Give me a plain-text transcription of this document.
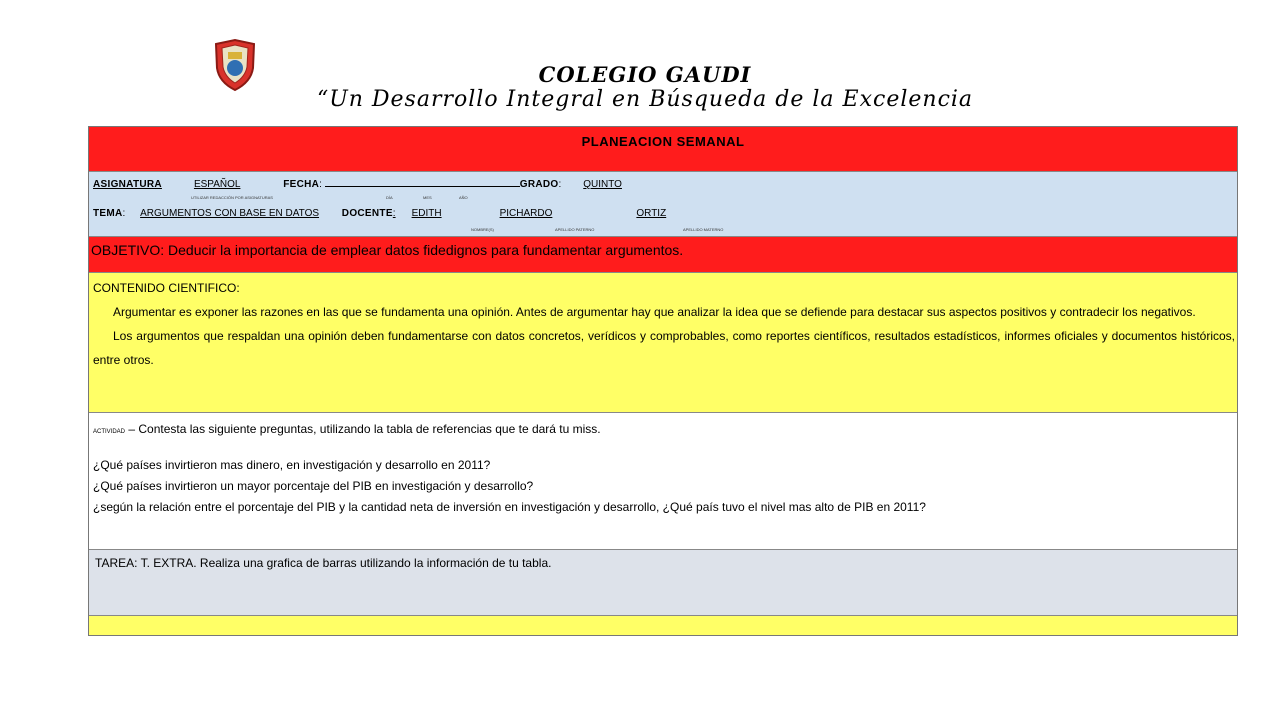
COLEGIO GAUDI
“Un Desarrollo Integral en Búsqueda de la Excelencia
PLANEACION SEMANAL
ASIGNATURA	ESPAÑOL	FECHA:	GRADO: QUINTO
UTILIZAR REDACCIÓN POR ASIGNATURAS	DÍA	MES	AÑO
TEMA: ARGUMENTOS CON BASE EN DATOS DOCENTE: EDITH	PICHARDO	ORTIZ
NOMBRE(S)	APELLIDO PATERNO	APELLIDO MATERNO
OBJETIVO: Deducir la importancia de emplear datos fidedignos para fundamentar argumentos.
CONTENIDO CIENTIFICO:

Argumentar es exponer las razones en las que se fundamenta una opinión. Antes de argumentar hay que analizar la idea que se defiende para destacar sus aspectos positivos y contradecir los negativos.

Los argumentos que respaldan una opinión deben fundamentarse con datos concretos, verídicos y comprobables, como reportes científicos, resultados estadísticos, informes oficiales y documentos históricos, entre otros.

ACTIVIDAD – Contesta las siguiente preguntas, utilizando la tabla de referencias que te dará tu miss.
¿Qué países invirtieron mas dinero, en investigación y desarrollo en 2011?
¿Qué países invirtieron un mayor porcentaje del PIB en investigación y desarrollo?
¿según la relación entre el porcentaje del PIB y la cantidad neta de inversión en investigación y desarrollo, ¿Qué país tuvo el nivel mas alto de PIB en 2011?
TAREA: T. EXTRA. Realiza una grafica de barras utilizando la información de tu tabla.
